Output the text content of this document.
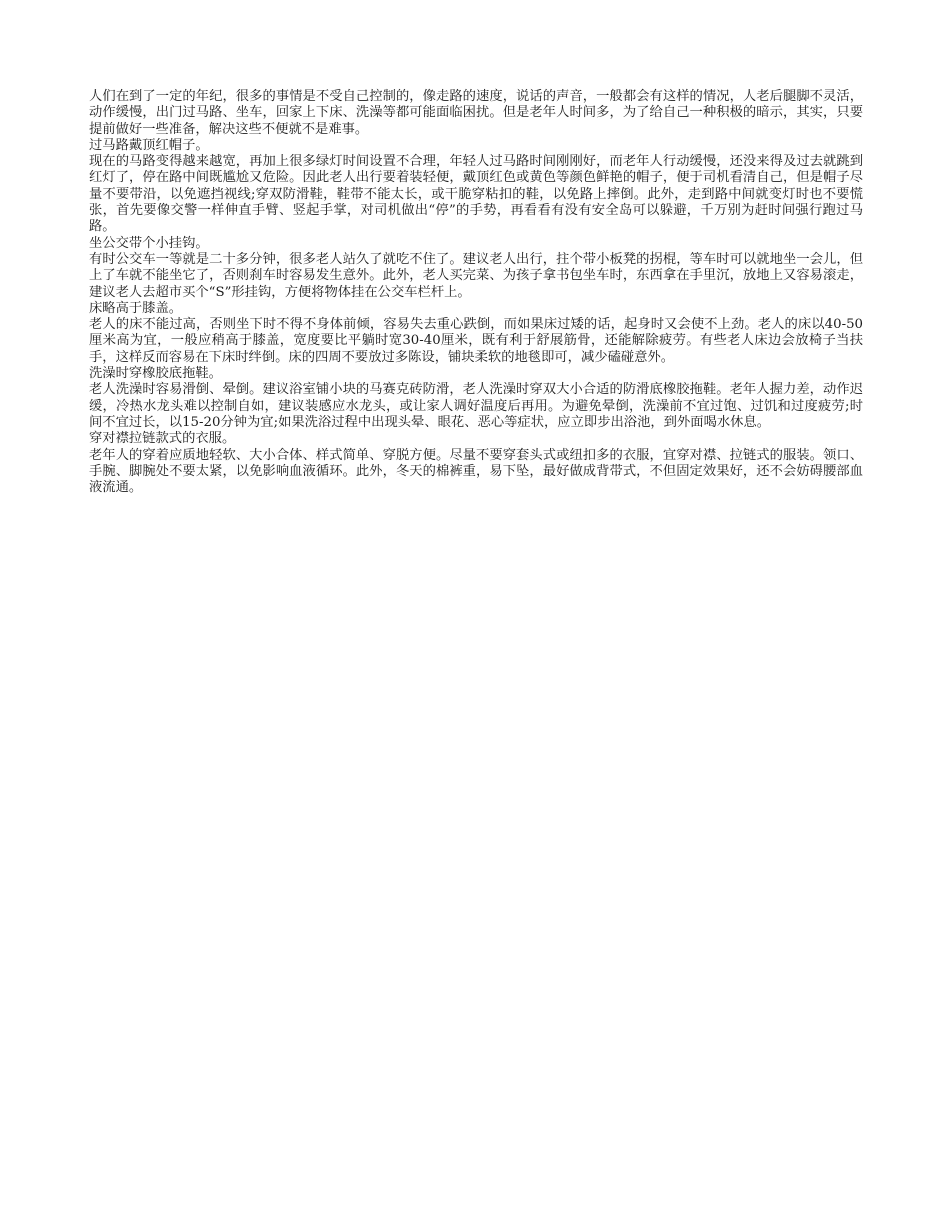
人们在到了一定的年纪，很多的事情是不受自己控制的，像走路的速度，说话的声音，一般都会有这样的情况，人老后腿脚不灵活，动作缓慢，出门过马路、坐车，回家上下床、洗澡等都可能面临困扰。但是老年人时间多，为了给自己一种积极的暗示，其实，只要提前做好一些准备，解决这些不便就不是难事。

过马路戴顶红帽子。

现在的马路变得越来越宽，再加上很多绿灯时间设置不合理，年轻人过马路时间刚刚好，而老年人行动缓慢，还没来得及过去就跳到红灯了，停在路中间既尴尬又危险。因此老人出行要着装轻便，戴顶红色或黄色等颜色鲜艳的帽子，便于司机看清自己，但是帽子尽量不要带沿，以免遮挡视线;穿双防滑鞋，鞋带不能太长，或干脆穿粘扣的鞋，以免路上摔倒。此外，走到路中间就变灯时也不要慌张，首先要像交警一样伸直手臂、竖起手掌，对司机做出“停”的手势，再看看有没有安全岛可以躲避，千万别为赶时间强行跑过马路。

坐公交带个小挂钩。

有时公交车一等就是二十多分钟，很多老人站久了就吃不住了。建议老人出行，拄个带小板凳的拐棍，等车时可以就地坐一会儿，但上了车就不能坐它了，否则刹车时容易发生意外。此外，老人买完菜、为孩子拿书包坐车时，东西拿在手里沉，放地上又容易滚走，建议老人去超市买个“S”形挂钩，方便将物体挂在公交车栏杆上。

床略高于膝盖。

老人的床不能过高，否则坐下时不得不身体前倾，容易失去重心跌倒，而如果床过矮的话，起身时又会使不上劲。老人的床以40-50厘米高为宜，一般应稍高于膝盖，宽度要比平躺时宽30-40厘米，既有利于舒展筋骨，还能解除疲劳。有些老人床边会放椅子当扶手，这样反而容易在下床时绊倒。床的四周不要放过多陈设，铺块柔软的地毯即可，减少磕碰意外。

洗澡时穿橡胶底拖鞋。

老人洗澡时容易滑倒、晕倒。建议浴室铺小块的马赛克砖防滑，老人洗澡时穿双大小合适的防滑底橡胶拖鞋。老年人握力差，动作迟缓，冷热水龙头难以控制自如，建议装感应水龙头，或让家人调好温度后再用。为避免晕倒，洗澡前不宜过饱、过饥和过度疲劳;时间不宜过长，以15-20分钟为宜;如果洗浴过程中出现头晕、眼花、恶心等症状，应立即步出浴池，到外面喝水休息。

穿对襟拉链款式的衣服。

老年人的穿着应质地轻软、大小合体、样式简单、穿脱方便。尽量不要穿套头式或纽扣多的衣服，宜穿对襟、拉链式的服装。领口、手腕、脚腕处不要太紧，以免影响血液循环。此外，冬天的棉裤重，易下坠，最好做成背带式，不但固定效果好，还不会妨碍腰部血液流通。
